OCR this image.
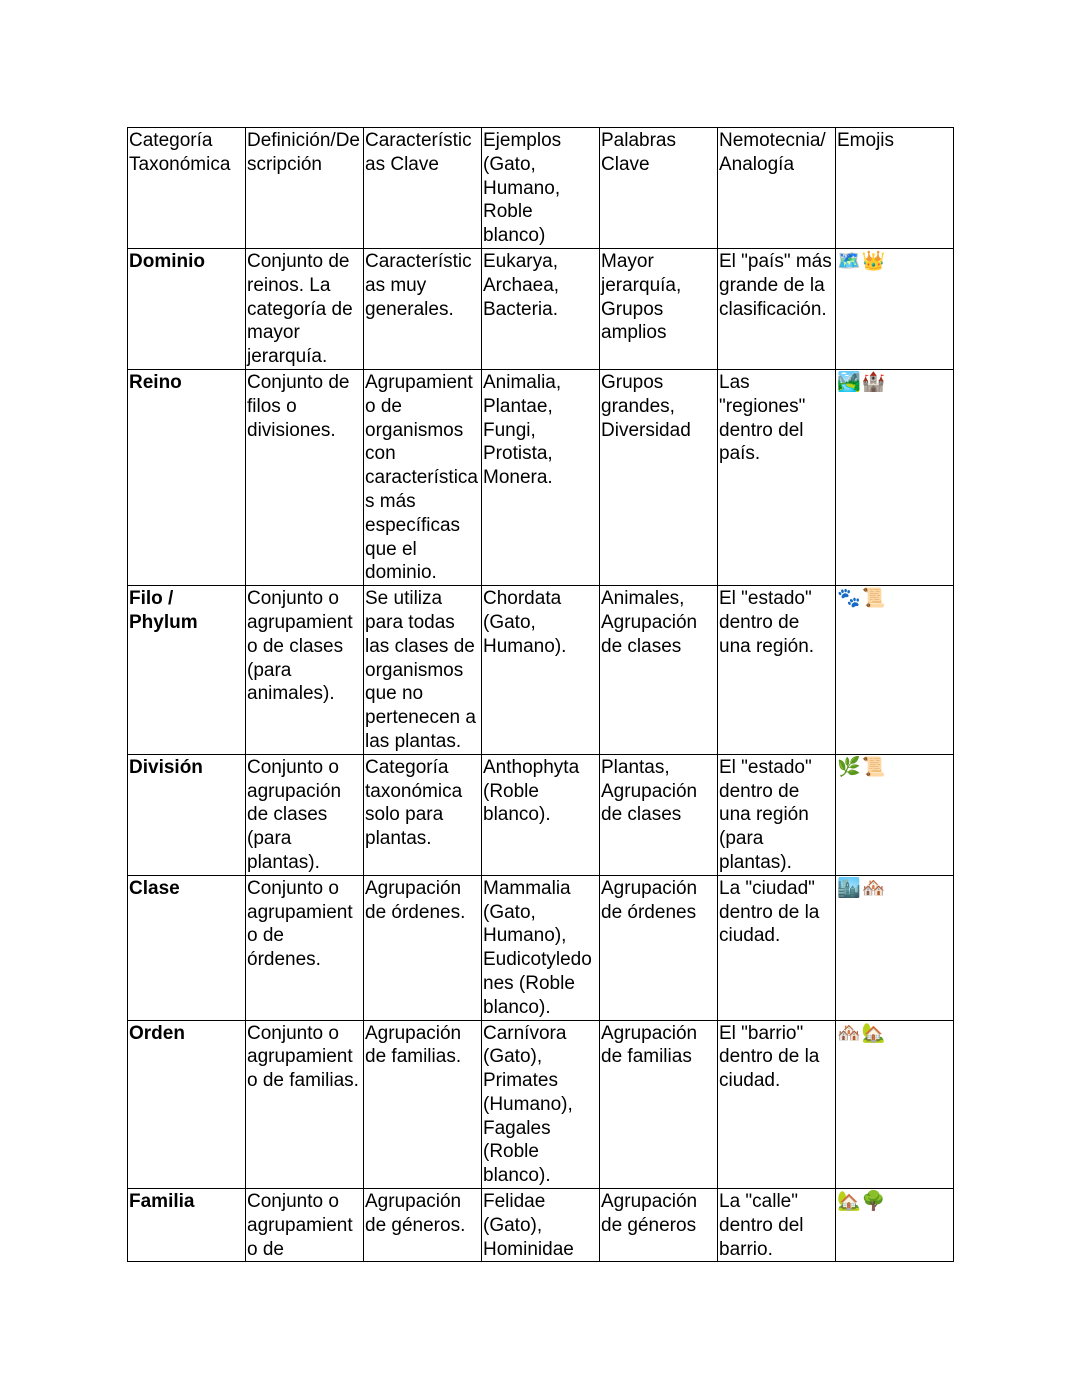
Categoría Taxonómica	Definición/Descripción	Características Clave	Ejemplos (Gato, Humano, Roble blanco)	Palabras Clave	Nemotecnia/ Analogía	Emojis
Dominio	Conjunto de reinos. La categoría de mayor jerarquía.	Características muy generales.	Eukarya, Archaea, Bacteria.	Mayor jerarquía, Grupos amplios	El "país" más grande de la clasificación.	🗺️👑
Reino	Conjunto de filos o divisiones.	Agrupamiento de organismos con características más específicas que el dominio.	Animalia, Plantae, Fungi, Protista, Monera.	Grupos grandes, Diversidad	Las "regiones" dentro del país.	🏞️🏰
Filo / Phylum	Conjunto o agrupamiento de clases (para animales).	Se utiliza para todas las clases de organismos que no pertenecen a las plantas.	Chordata (Gato, Humano).	Animales, Agrupación de clases	El "estado" dentro de una región.	🐾📜
División	Conjunto o agrupación de clases (para plantas).	Categoría taxonómica solo para plantas.	Anthophyta (Roble blanco).	Plantas, Agrupación de clases	El "estado" dentro de una región (para plantas).	🌿📜
Clase	Conjunto o agrupamiento de órdenes.	Agrupación de órdenes.	Mammalia (Gato, Humano), Eudicotyledones (Roble blanco).	Agrupación de órdenes	La "ciudad" dentro de la ciudad.	🏙️🏘️
Orden	Conjunto o agrupamiento de familias.	Agrupación de familias.	Carnívora (Gato), Primates (Humano), Fagales (Roble blanco).	Agrupación de familias	El "barrio" dentro de la ciudad.	🏘️🏡
Familia	Conjunto o agrupamiento de	Agrupación de géneros.	Felidae (Gato), Hominidae	Agrupación de géneros	La "calle" dentro del barrio.	🏡🌳
